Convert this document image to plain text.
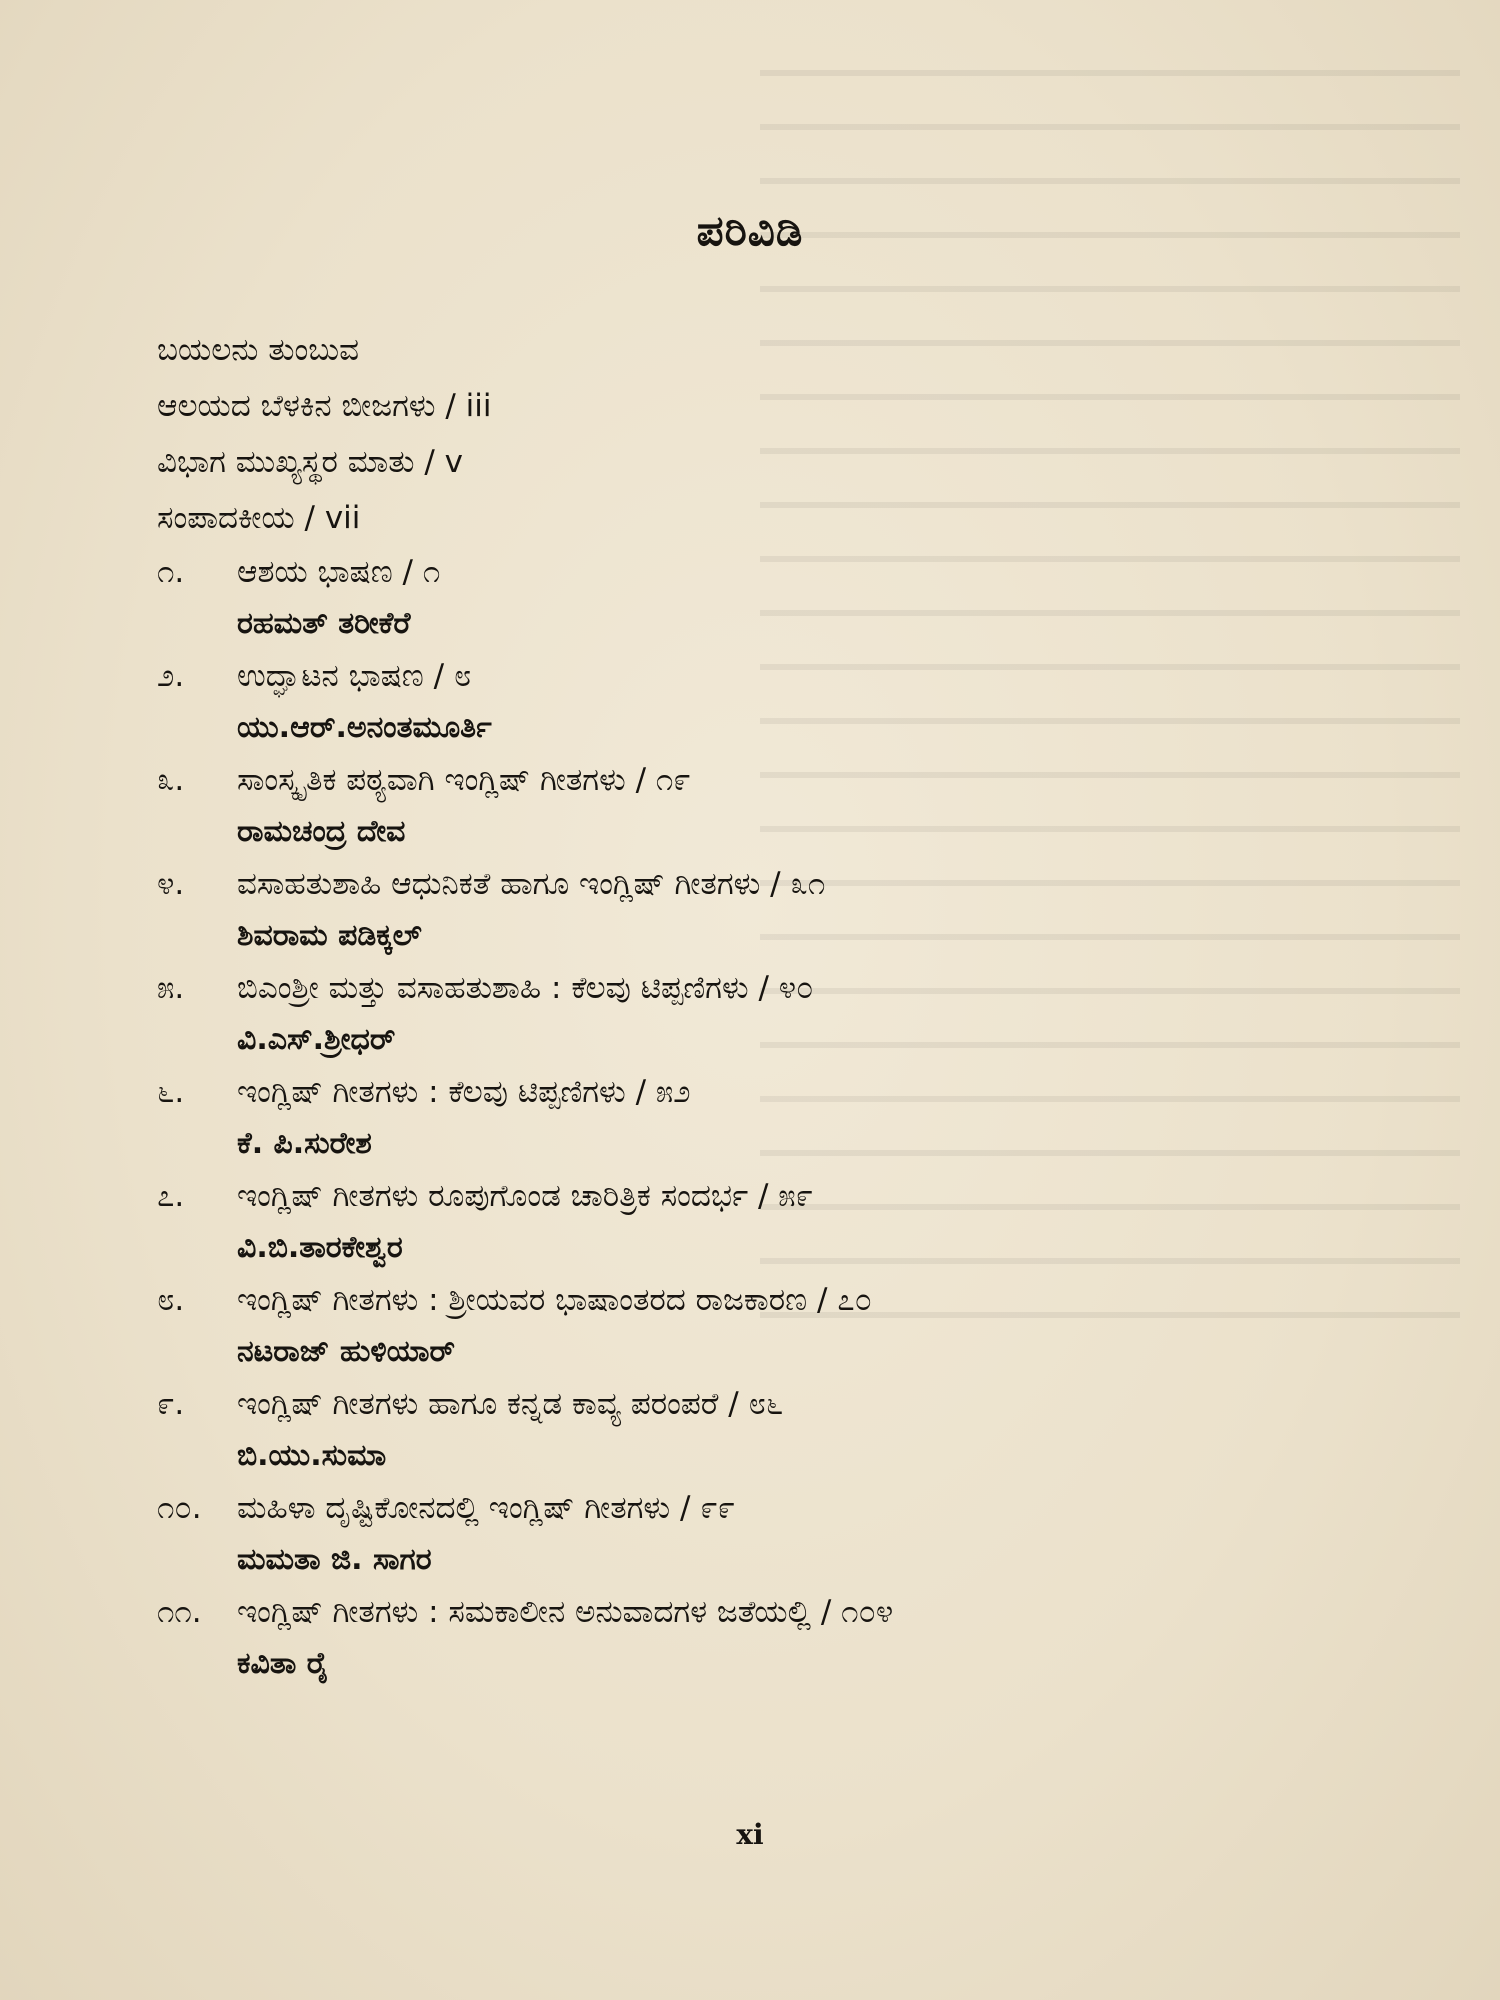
ಪರಿವಿಡಿ
ಬಯಲನು ತುಂಬುವ
ಆಲಯದ ಬೆಳಕಿನ ಬೀಜಗಳು / iii
ವಿಭಾಗ ಮುಖ್ಯಸ್ಥರ ಮಾತು / v
ಸಂಪಾದಕೀಯ / vii
೧.	ಆಶಯ ಭಾಷಣ / ೧
ರಹಮತ್ ತರೀಕೆರೆ
೨.	ಉದ್ಘಾಟನ ಭಾಷಣ / ೮
ಯು.ಆರ್.ಅನಂತಮೂರ್ತಿ
೩.	ಸಾಂಸ್ಕೃತಿಕ ಪಠ್ಯವಾಗಿ ಇಂಗ್ಲಿಷ್ ಗೀತಗಳು / ೧೯
ರಾಮಚಂದ್ರ ದೇವ
೪.	ವಸಾಹತುಶಾಹಿ ಆಧುನಿಕತೆ ಹಾಗೂ ಇಂಗ್ಲಿಷ್ ಗೀತಗಳು / ೩೧
ಶಿವರಾಮ ಪಡಿಕ್ಕಲ್
೫.	ಬಿಎಂಶ್ರೀ ಮತ್ತು ವಸಾಹತುಶಾಹಿ : ಕೆಲವು ಟಿಪ್ಪಣಿಗಳು / ೪೦
ವಿ.ಎಸ್.ಶ್ರೀಧರ್
೬.	ಇಂಗ್ಲಿಷ್ ಗೀತಗಳು : ಕೆಲವು ಟಿಪ್ಪಣಿಗಳು / ೫೨
ಕೆ. ಪಿ.ಸುರೇಶ
೭.	ಇಂಗ್ಲಿಷ್ ಗೀತಗಳು ರೂಪುಗೊಂಡ ಚಾರಿತ್ರಿಕ ಸಂದರ್ಭ / ೫೯
ವಿ.ಬಿ.ತಾರಕೇಶ್ವರ
೮.	ಇಂಗ್ಲಿಷ್ ಗೀತಗಳು : ಶ್ರೀಯವರ ಭಾಷಾಂತರದ ರಾಜಕಾರಣ / ೭೦
ನಟರಾಜ್ ಹುಳಿಯಾರ್
೯.	ಇಂಗ್ಲಿಷ್ ಗೀತಗಳು ಹಾಗೂ ಕನ್ನಡ ಕಾವ್ಯ ಪರಂಪರೆ / ೮೬
ಬಿ.ಯು.ಸುಮಾ
೧೦.	ಮಹಿಳಾ ದೃಷ್ಟಿಕೋನದಲ್ಲಿ ಇಂಗ್ಲಿಷ್ ಗೀತಗಳು / ೯೯
ಮಮತಾ ಜಿ. ಸಾಗರ
೧೧.	ಇಂಗ್ಲಿಷ್ ಗೀತಗಳು : ಸಮಕಾಲೀನ ಅನುವಾದಗಳ ಜತೆಯಲ್ಲಿ / ೧೦೪
ಕವಿತಾ ರೈ
xi
